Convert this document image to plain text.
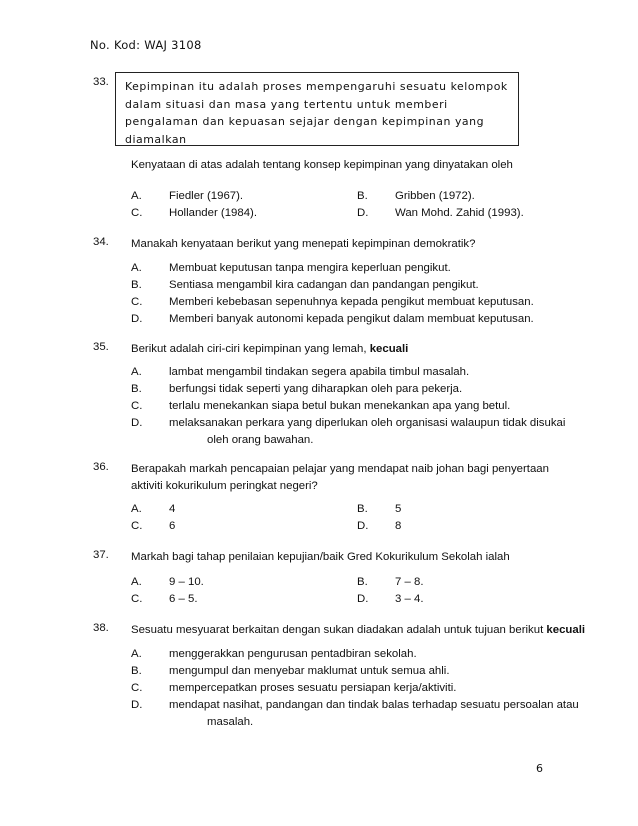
No. Kod: WAJ 3108
33.	Kepimpinan itu adalah proses mempengaruhi sesuatu kelompok dalam situasi dan masa yang tertentu untuk memberi pengalaman dan kepuasan sejajar dengan kepimpinan yang diamalkan
Kenyataan di atas adalah tentang konsep kepimpinan yang dinyatakan oleh
A. Fiedler (1967).	B. Gribben (1972).
C. Hollander (1984).	D. Wan Mohd. Zahid (1993).
34. Manakah kenyataan berikut yang menepati kepimpinan demokratik?
A. Membuat keputusan tanpa mengira keperluan pengikut.
B. Sentiasa mengambil kira cadangan dan pandangan pengikut.
C. Memberi kebebasan sepenuhnya kepada pengikut membuat keputusan.
D. Memberi banyak autonomi kepada pengikut dalam membuat keputusan.
35. Berikut adalah ciri-ciri kepimpinan yang lemah, kecuali
A. lambat mengambil tindakan segera apabila timbul masalah.
B. berfungsi tidak seperti yang diharapkan oleh para pekerja.
C. terlalu menekankan siapa betul bukan menekankan apa yang betul.
D. melaksanakan perkara yang diperlukan oleh organisasi walaupun tidak disukai
oleh orang bawahan.
36. Berapakah markah pencapaian pelajar yang mendapat naib johan bagi penyertaan aktiviti kokurikulum peringkat negeri?
A. 4	B. 5
C. 6	D. 8
37. Markah bagi tahap penilaian kepujian/baik Gred Kokurikulum Sekolah ialah
A. 9 – 10.	B. 7 – 8.
C. 6 – 5.	D. 3 – 4.
38. Sesuatu mesyuarat berkaitan dengan sukan diadakan adalah untuk tujuan berikut kecuali
A. menggerakkan pengurusan pentadbiran sekolah.
B. mengumpul dan menyebar maklumat untuk semua ahli.
C. mempercepatkan proses sesuatu persiapan kerja/aktiviti.
D. mendapat nasihat, pandangan dan tindak balas terhadap sesuatu persoalan atau
masalah.
6
